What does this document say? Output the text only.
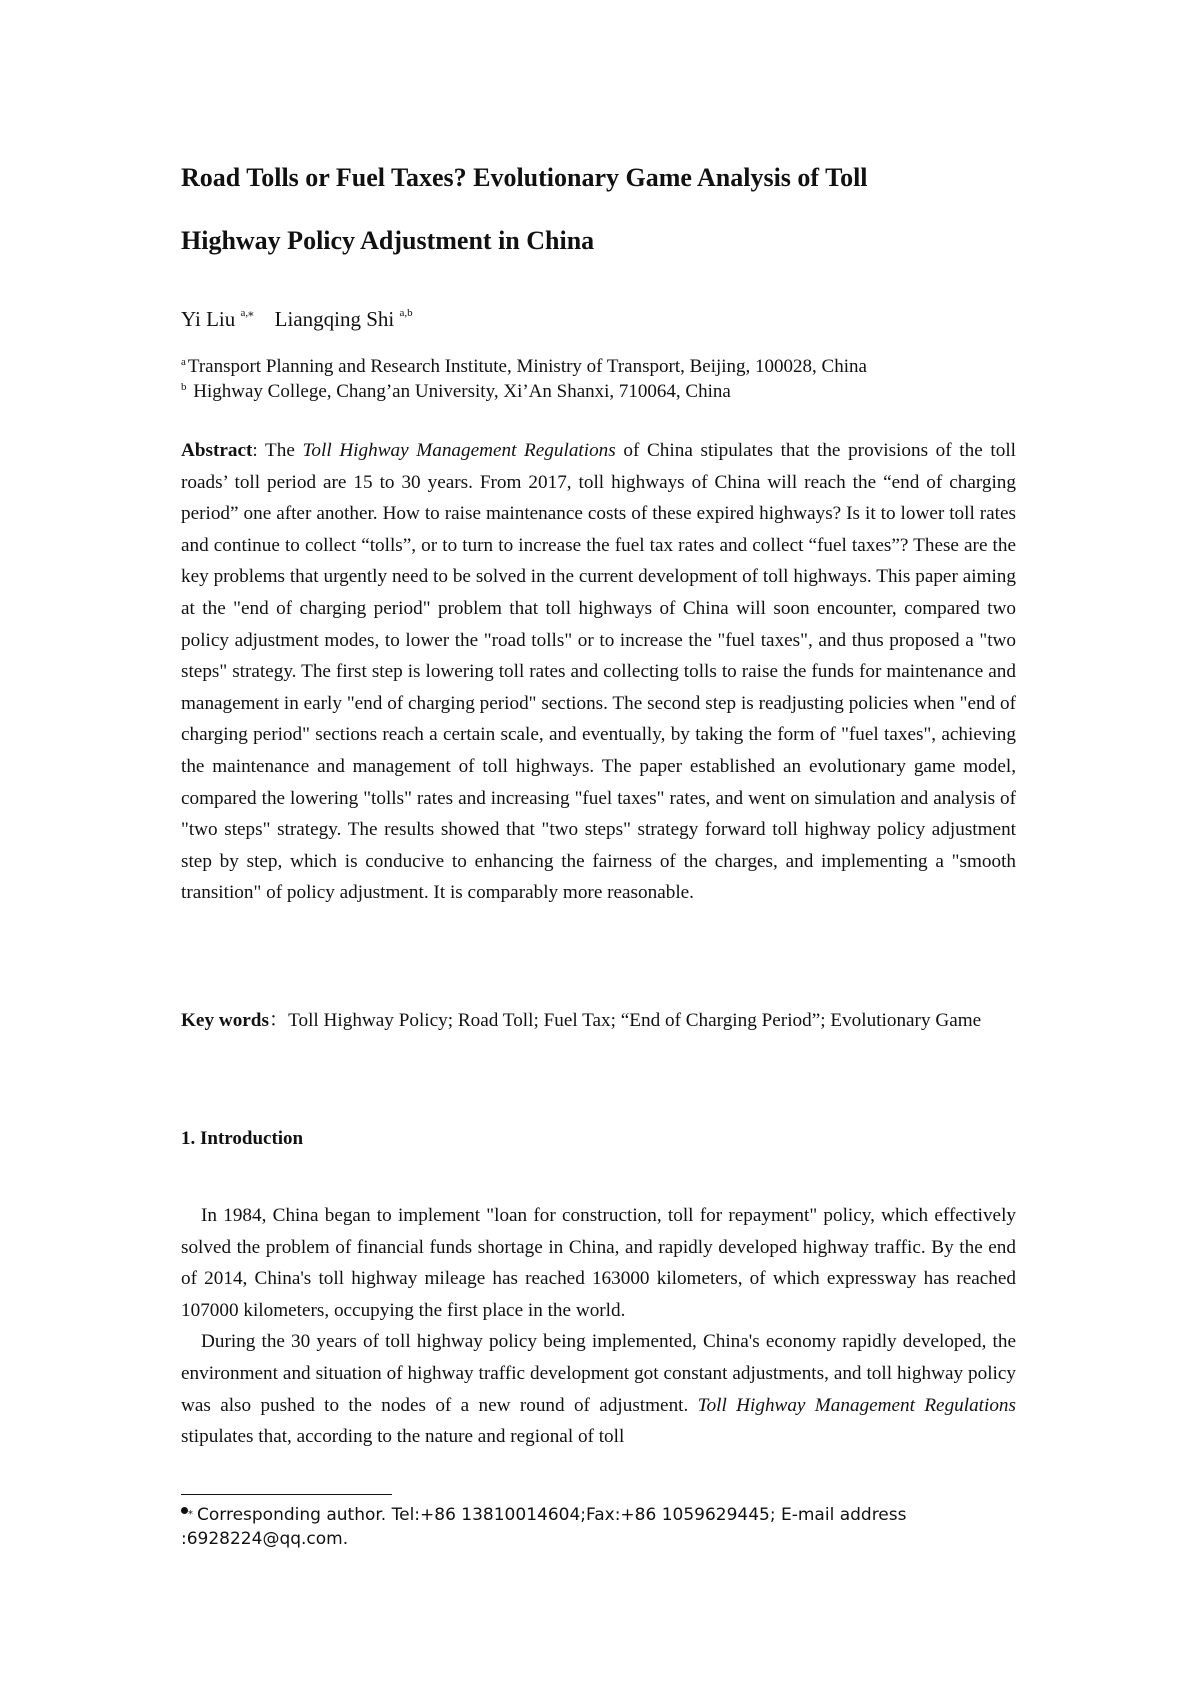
Road Tolls or Fuel Taxes? Evolutionary Game Analysis of Toll
Highway Policy Adjustment in China
Yi Liu $^{a,⁎}$ Liangqing Shi $^{a,b}$
$^a$ Transport Planning and Research Institute, Ministry of Transport, Beijing, 100028, China
$^b$ Highway College, Chang’an University, Xi’An Shanxi, 710064, China

Abstract: The Toll Highway Management Regulations of China stipulates that the provisions of the toll roads’ toll period are 15 to 30 years. From 2017, toll highways of China will reach the “end of charging period” one after another. How to raise maintenance costs of these expired highways? Is it to lower toll rates and continue to collect “tolls”, or to turn to increase the fuel tax rates and collect “fuel taxes”? These are the key problems that urgently need to be solved in the current development of toll highways. This paper aiming at the "end of charging period" problem that toll highways of China will soon encounter, compared two policy adjustment modes, to lower the "road tolls" or to increase the "fuel taxes", and thus proposed a "two steps" strategy. The first step is lowering toll rates and collecting tolls to raise the funds for maintenance and management in early "end of charging period" sections. The second step is readjusting policies when "end of charging period" sections reach a certain scale, and eventually, by taking the form of "fuel taxes", achieving the maintenance and management of toll highways. The paper established an evolutionary game model, compared the lowering "tolls" rates and increasing "fuel taxes" rates, and went on simulation and analysis of "two steps" strategy. The results showed that "two steps" strategy forward toll highway policy adjustment step by step, which is conducive to enhancing the fairness of the charges, and implementing a "smooth transition" of policy adjustment. It is comparably more reasonable.

Key words：Toll Highway Policy; Road Toll; Fuel Tax; “End of Charging Period”; Evolutionary Game

1. Introduction

In 1984, China began to implement "loan for construction, toll for repayment" policy, which effectively solved the problem of financial funds shortage in China, and rapidly developed highway traffic. By the end of 2014, China's toll highway mileage has reached 163000 kilometers, of which expressway has reached 107000 kilometers, occupying the first place in the world.

During the 30 years of toll highway policy being implemented, China's economy rapidly developed, the environment and situation of highway traffic development got constant adjustments, and toll highway policy was also pushed to the nodes of a new round of adjustment. Toll Highway Management Regulations stipulates that, according to the nature and regional of toll

⁎ Corresponding author. Tel:+86 13810014604;Fax:+86 1059629445; E-mail address :6928224@qq.com.
